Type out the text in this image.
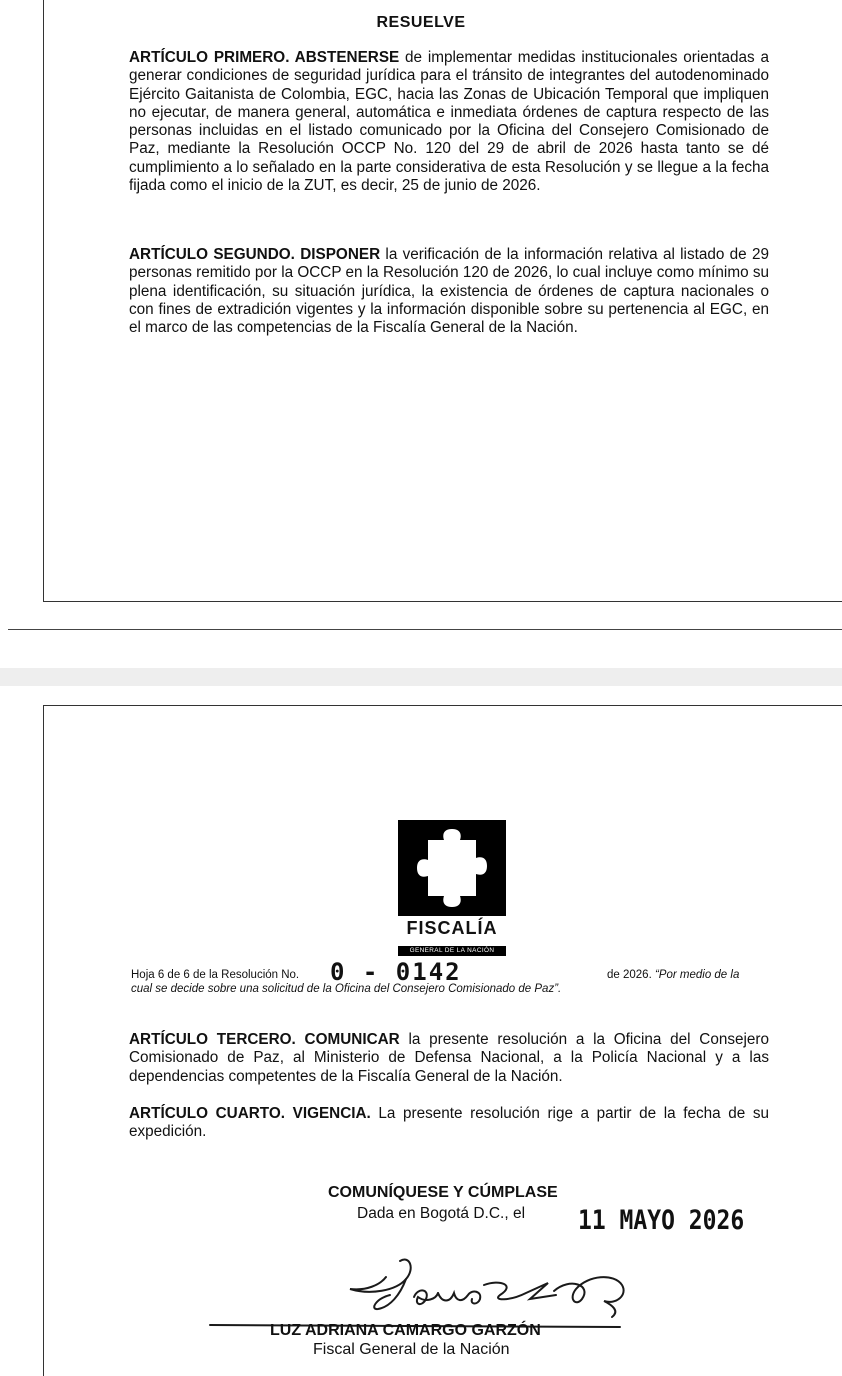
RESUELVE

ARTÍCULO PRIMERO. ABSTENERSE de implementar medidas institucionales orientadas a generar condiciones de seguridad jurídica para el tránsito de integrantes del autodenominado Ejército Gaitanista de Colombia, EGC, hacia las Zonas de Ubicación Temporal que impliquen no ejecutar, de manera general, automática e inmediata órdenes de captura respecto de las personas incluidas en el listado comunicado por la Oficina del Consejero Comisionado de Paz, mediante la Resolución OCCP No. 120 del 29 de abril de 2026 hasta tanto se dé cumplimiento a lo señalado en la parte considerativa de esta Resolución y se llegue a la fecha fijada como el inicio de la ZUT, es decir, 25 de junio de 2026.

ARTÍCULO SEGUNDO. DISPONER la verificación de la información relativa al listado de 29 personas remitido por la OCCP en la Resolución 120 de 2026, lo cual incluye como mínimo su plena identificación, su situación jurídica, la existencia de órdenes de captura nacionales o con fines de extradición vigentes y la información disponible sobre su pertenencia al EGC, en el marco de las competencias de la Fiscalía General de la Nación.

FISCALÍA
GENERAL DE LA NACIÓN
Hoja 6 de 6 de la Resolución No.	de 2026. “Por medio de la
cual se decide sobre una solicitud de la Oficina del Consejero Comisionado de Paz”.
0 - 0142

ARTÍCULO TERCERO. COMUNICAR la presente resolución a la Oficina del Consejero Comisionado de Paz, al Ministerio de Defensa Nacional, a la Policía Nacional y a las dependencias competentes de la Fiscalía General de la Nación.

ARTÍCULO CUARTO. VIGENCIA. La presente resolución rige a partir de la fecha de su expedición.

COMUNÍQUESE Y CÚMPLASE
Dada en Bogotá D.C., el 11 MAYO 2026
LUZ ADRIANA CAMARGO GARZÓN
Fiscal General de la Nación
